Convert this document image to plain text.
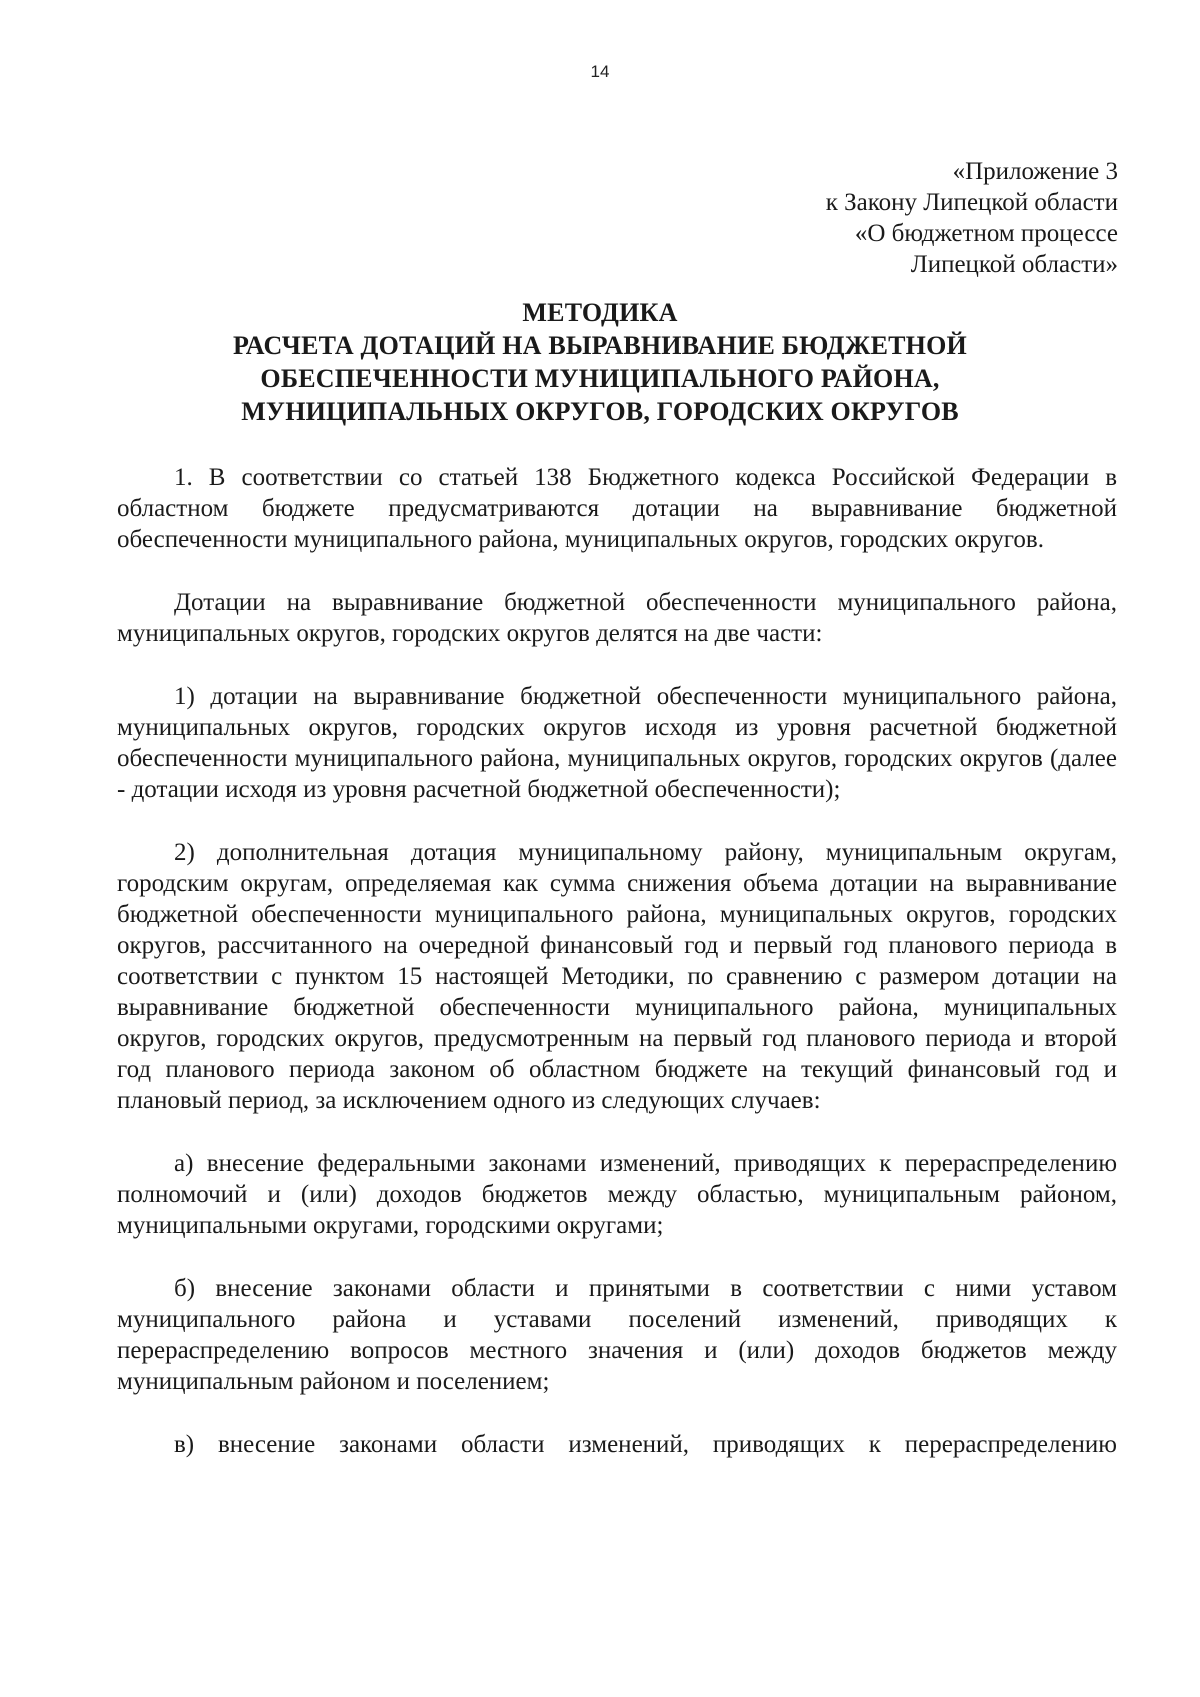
14
«Приложение 3
к Закону Липецкой области
«О бюджетном процессе
Липецкой области»
МЕТОДИКА
РАСЧЕТА ДОТАЦИЙ НА ВЫРАВНИВАНИЕ БЮДЖЕТНОЙ
ОБЕСПЕЧЕННОСТИ МУНИЦИПАЛЬНОГО РАЙОНА,
МУНИЦИПАЛЬНЫХ ОКРУГОВ, ГОРОДСКИХ ОКРУГОВ

1. В соответствии со статьей 138 Бюджетного кодекса Российской Федерации в областном бюджете предусматриваются дотации на выравнивание бюджетной обеспеченности муниципального района, муниципальных округов, городских округов.

Дотации на выравнивание бюджетной обеспеченности муниципального района, муниципальных округов, городских округов делятся на две части:

1) дотации на выравнивание бюджетной обеспеченности муниципального района, муниципальных округов, городских округов исходя из уровня расчетной бюджетной обеспеченности муниципального района, муниципальных округов, городских округов (далее - дотации исходя из уровня расчетной бюджетной обеспеченности);

2) дополнительная дотация муниципальному району, муниципальным округам, городским округам, определяемая как сумма снижения объема дотации на выравнивание бюджетной обеспеченности муниципального района, муниципальных округов, городских округов, рассчитанного на очередной финансовый год и первый год планового периода в соответствии с пунктом 15 настоящей Методики, по сравнению с размером дотации на выравнивание бюджетной обеспеченности муниципального района, муниципальных округов, городских округов, предусмотренным на первый год планового периода и второй год планового периода законом об областном бюджете на текущий финансовый год и плановый период, за исключением одного из следующих случаев:

а) внесение федеральными законами изменений, приводящих к перераспределению полномочий и (или) доходов бюджетов между областью, муниципальным районом, муниципальными округами, городскими округами;

б) внесение законами области и принятыми в соответствии с ними уставом муниципального района и уставами поселений изменений, приводящих к перераспределению вопросов местного значения и (или) доходов бюджетов между муниципальным районом и поселением;

в) внесение законами области изменений, приводящих к перераспределению
